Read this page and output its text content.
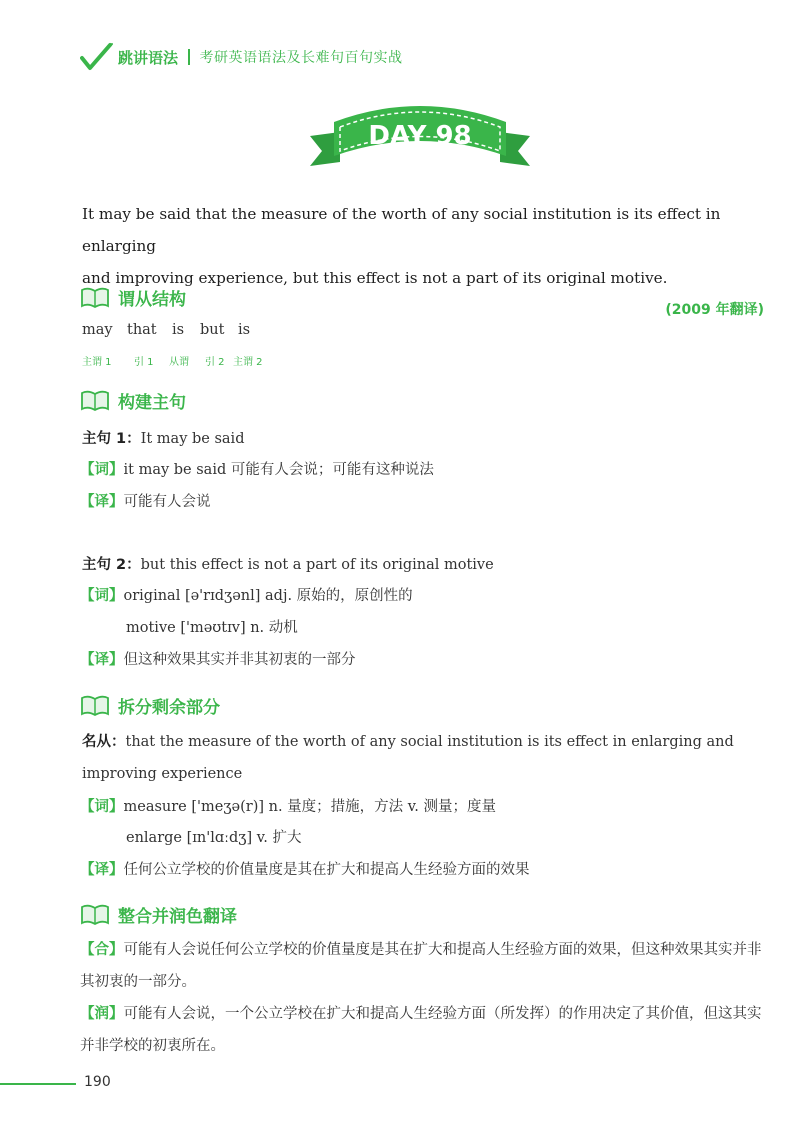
跳讲语法 考研英语语法及长难句百句实战
DAY 98
It may be said that the measure of the worth of any social institution is its effect in enlarging
and improving experience, but this effect is not a part of its original motive.
(2009 年翻译)
谓从结构
may that is but is
主谓 1 引 1 从谓 引 2 主谓 2
构建主句
主句 1：It may be said
【词】it may be said 可能有人会说；可能有这种说法
【译】可能有人会说
主句 2：but this effect is not a part of its original motive
【词】original [ə'rɪdʒənl] adj. 原始的，原创性的
motive ['məʊtɪv] n. 动机
【译】但这种效果其实并非其初衷的一部分
拆分剩余部分
名从：that the measure of the worth of any social institution is its effect in enlarging and
improving experience
【词】measure ['meʒə(r)] n. 量度；措施，方法 v. 测量；度量
enlarge [ɪn'lɑːdʒ] v. 扩大
【译】任何公立学校的价值量度是其在扩大和提高人生经验方面的效果
整合并润色翻译
【合】可能有人会说任何公立学校的价值量度是其在扩大和提高人生经验方面的效果，但这种效果其实并非其初衷的一部分。
【润】可能有人会说，一个公立学校在扩大和提高人生经验方面（所发挥）的作用决定了其价值，但这其实并非学校的初衷所在。
190
